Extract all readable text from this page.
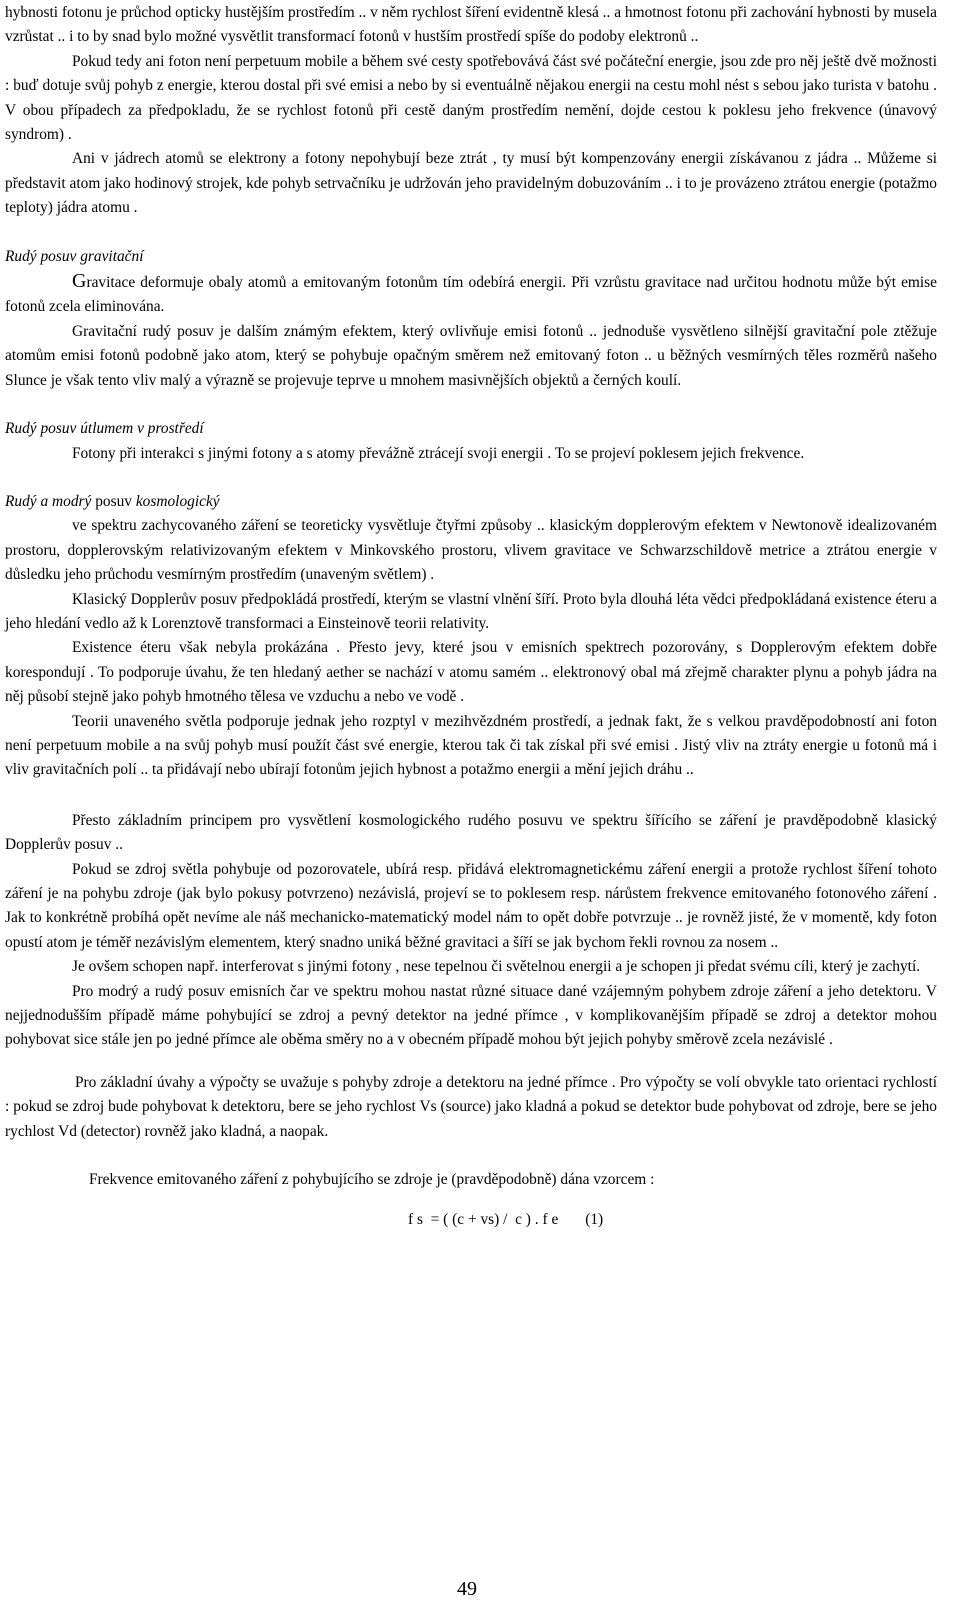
hybnosti fotonu je průchod opticky hustějším prostředím .. v něm rychlost šíření evidentně klesá .. a hmotnost fotonu při zachování hybnosti by musela vzrůstat .. i to by snad bylo možné vysvětlit transformací fotonů v hustším prostředí spíše do podoby elektronů ..

Pokud tedy ani foton není perpetuum mobile a během své cesty spotřebovává část své počáteční energie, jsou zde pro něj ještě dvě možnosti : buď dotuje svůj pohyb z energie, kterou dostal při své emisi a nebo by si eventuálně nějakou energii na cestu mohl nést s sebou jako turista v batohu . V obou případech za předpokladu, že se rychlost fotonů při cestě daným prostředím nemění, dojde cestou k poklesu jeho frekvence (únavový syndrom) .

Ani v jádrech atomů se elektrony a fotony nepohybují beze ztrát , ty musí být kompenzovány energii získávanou z jádra .. Můžeme si představit atom jako hodinový strojek, kde pohyb setrvačníku je udržován jeho pravidelným dobuzováním .. i to je provázeno ztrátou energie (potažmo teploty) jádra atomu .

Rudý posuv gravitační

Gravitace deformuje obaly atomů a emitovaným fotonům tím odebírá energii. Při vzrůstu gravitace nad určitou hodnotu může být emise fotonů zcela eliminována.

Gravitační rudý posuv je dalším známým efektem, který ovlivňuje emisi fotonů .. jednoduše vysvětleno silnější gravitační pole ztěžuje atomům emisi fotonů podobně jako atom, který se pohybuje opačným směrem než emitovaný foton .. u běžných vesmírných těles rozměrů našeho Slunce je však tento vliv malý a výrazně se projevuje teprve u mnohem masivnějších objektů a černých koulí.

Rudý posuv útlumem v prostředí

Fotony při interakci s jinými fotony a s atomy převážně ztrácejí svoji energii . To se projeví poklesem jejich frekvence.

Rudý a modrý posuv kosmologický

ve spektru zachycovaného záření se teoreticky vysvětluje čtyřmi způsoby .. klasickým dopplerovým efektem v Newtonově idealizovaném prostoru, dopplerovským relativizovaným efektem v Minkovského prostoru, vlivem gravitace ve Schwarzschildově metrice a ztrátou energie v důsledku jeho průchodu vesmírným prostředím (unaveným světlem) .

Klasický Dopplerův posuv předpokládá prostředí, kterým se vlastní vlnění šíří. Proto byla dlouhá léta vědci předpokládaná existence éteru a jeho hledání vedlo až k Lorenztově transformaci a Einsteinově teorii relativity.

Existence éteru však nebyla prokázána . Přesto jevy, které jsou v emisních spektrech pozorovány, s Dopplerovým efektem dobře korespondují . To podporuje úvahu, že ten hledaný aether se nachází v atomu samém .. elektronový obal má zřejmě charakter plynu a pohyb jádra na něj působí stejně jako pohyb hmotného tělesa ve vzduchu a nebo ve vodě .

Teorii unaveného světla podporuje jednak jeho rozptyl v mezihvězdném prostředí, a jednak fakt, že s velkou pravděpodobností ani foton není perpetuum mobile a na svůj pohyb musí použít část své energie, kterou tak či tak získal při své emisi . Jistý vliv na ztráty energie u fotonů má i vliv gravitačních polí .. ta přidávají nebo ubírají fotonům jejich hybnost a potažmo energii a mění jejich dráhu ..

Přesto základním principem pro vysvětlení kosmologického rudého posuvu ve spektru šířícího se záření je pravděpodobně klasický Dopplerův posuv ..

Pokud se zdroj světla pohybuje od pozorovatele, ubírá resp. přidává elektromagnetickému záření energii a protože rychlost šíření tohoto záření je na pohybu zdroje (jak bylo pokusy potvrzeno) nezávislá, projeví se to poklesem resp. nárůstem frekvence emitovaného fotonového záření . Jak to konkrétně probíhá opět nevíme ale náš mechanicko-matematický model nám to opět dobře potvrzuje .. je rovněž jisté, že v momentě, kdy foton opustí atom je téměř nezávislým elementem, který snadno uniká běžné gravitaci a šíří se jak bychom řekli rovnou za nosem ..

Je ovšem schopen např. interferovat s jinými fotony , nese tepelnou či světelnou energii a je schopen ji předat svému cíli, který je zachytí.

Pro modrý a rudý posuv emisních čar ve spektru mohou nastat různé situace dané vzájemným pohybem zdroje záření a jeho detektoru. V nejjednodušším případě máme pohybující se zdroj a pevný detektor na jedné přímce , v komplikovanějším případě se zdroj a detektor mohou pohybovat sice stále jen po jedné přímce ale oběma směry no a v obecném případě mohou být jejich pohyby směrově zcela nezávislé .

Pro základní úvahy a výpočty se uvažuje s pohyby zdroje a detektoru na jedné přímce . Pro výpočty se volí obvykle tato orientaci rychlostí : pokud se zdroj bude pohybovat k detektoru, bere se jeho rychlost Vs (source) jako kladná a pokud se detektor bude pohybovat od zdroje, bere se jeho rychlost Vd (detector) rovněž jako kladná, a naopak.

Frekvence emitovaného záření z pohybujícího se zdroje je (pravděpodobně) dána vzorcem :

f s  = ( (c + vs) /  c ) . f e       (1)

49
